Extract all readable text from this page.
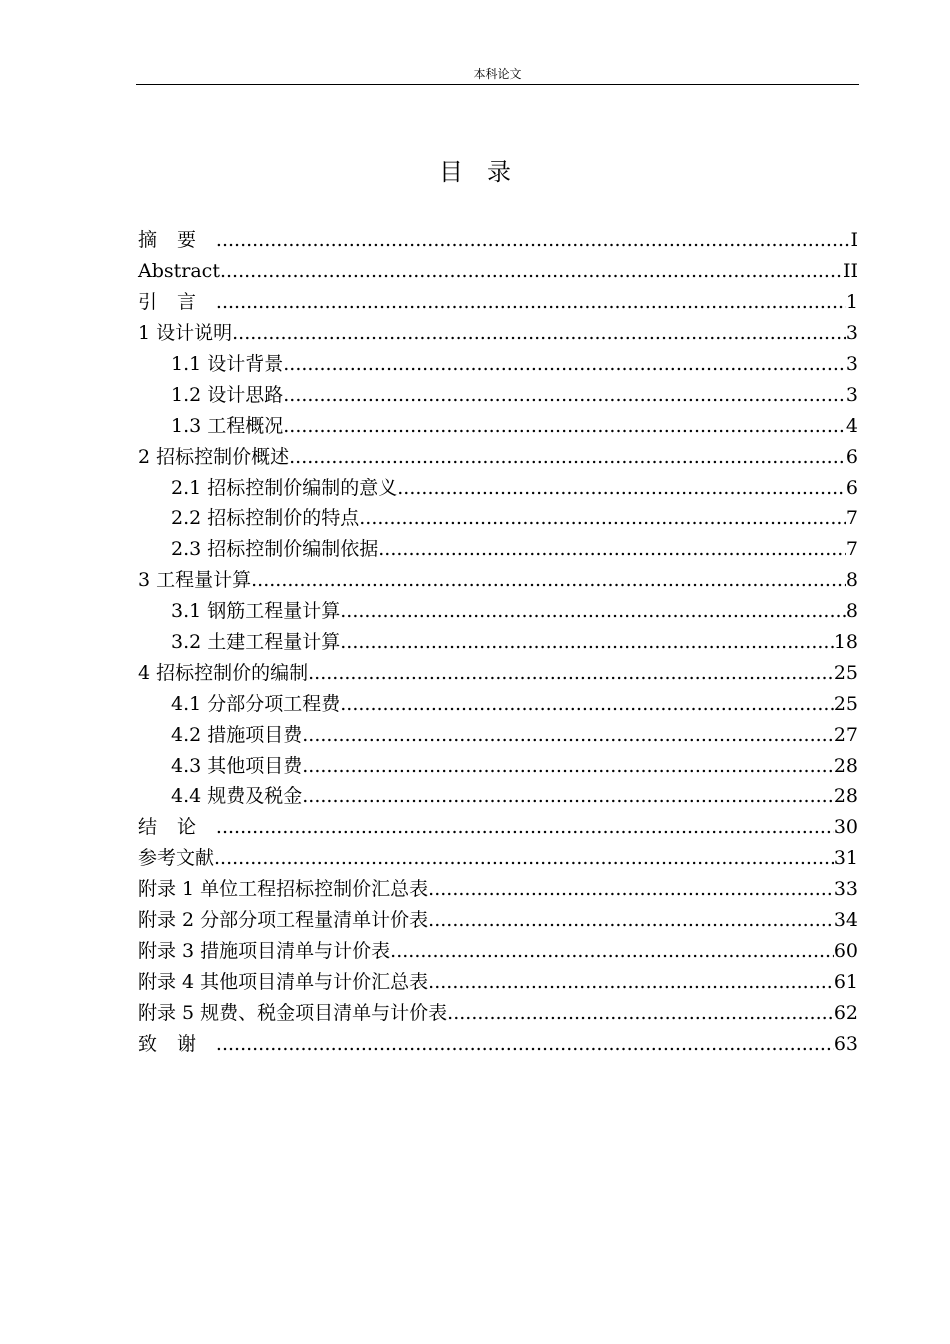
本科论文
目录
摘要 .....	I
Abstract .....	II
引言 .....	1
1 设计说明 .....	3
1.1 设计背景 .....	3
1.2 设计思路 .....	3
1.3 工程概况 .....	4
2 招标控制价概述 .....	6
2.1 招标控制价编制的意义 .....	6
2.2 招标控制价的特点 .....	7
2.3 招标控制价编制依据 .....	7
3 工程量计算 .....	8
3.1 钢筋工程量计算 .....	8
3.2 土建工程量计算 .....	18
4 招标控制价的编制 .....	25
4.1 分部分项工程费 .....	25
4.2 措施项目费 .....	27
4.3 其他项目费 .....	28
4.4 规费及税金 .....	28
结论 .....	30
参考文献 .....	31
附录 1 单位工程招标控制价汇总表 .....	33
附录 2 分部分项工程量清单计价表 .....	34
附录 3 措施项目清单与计价表 .....	60
附录 4 其他项目清单与计价汇总表 .....	61
附录 5 规费、税金项目清单与计价表 .....	62
致谢 .....	63
